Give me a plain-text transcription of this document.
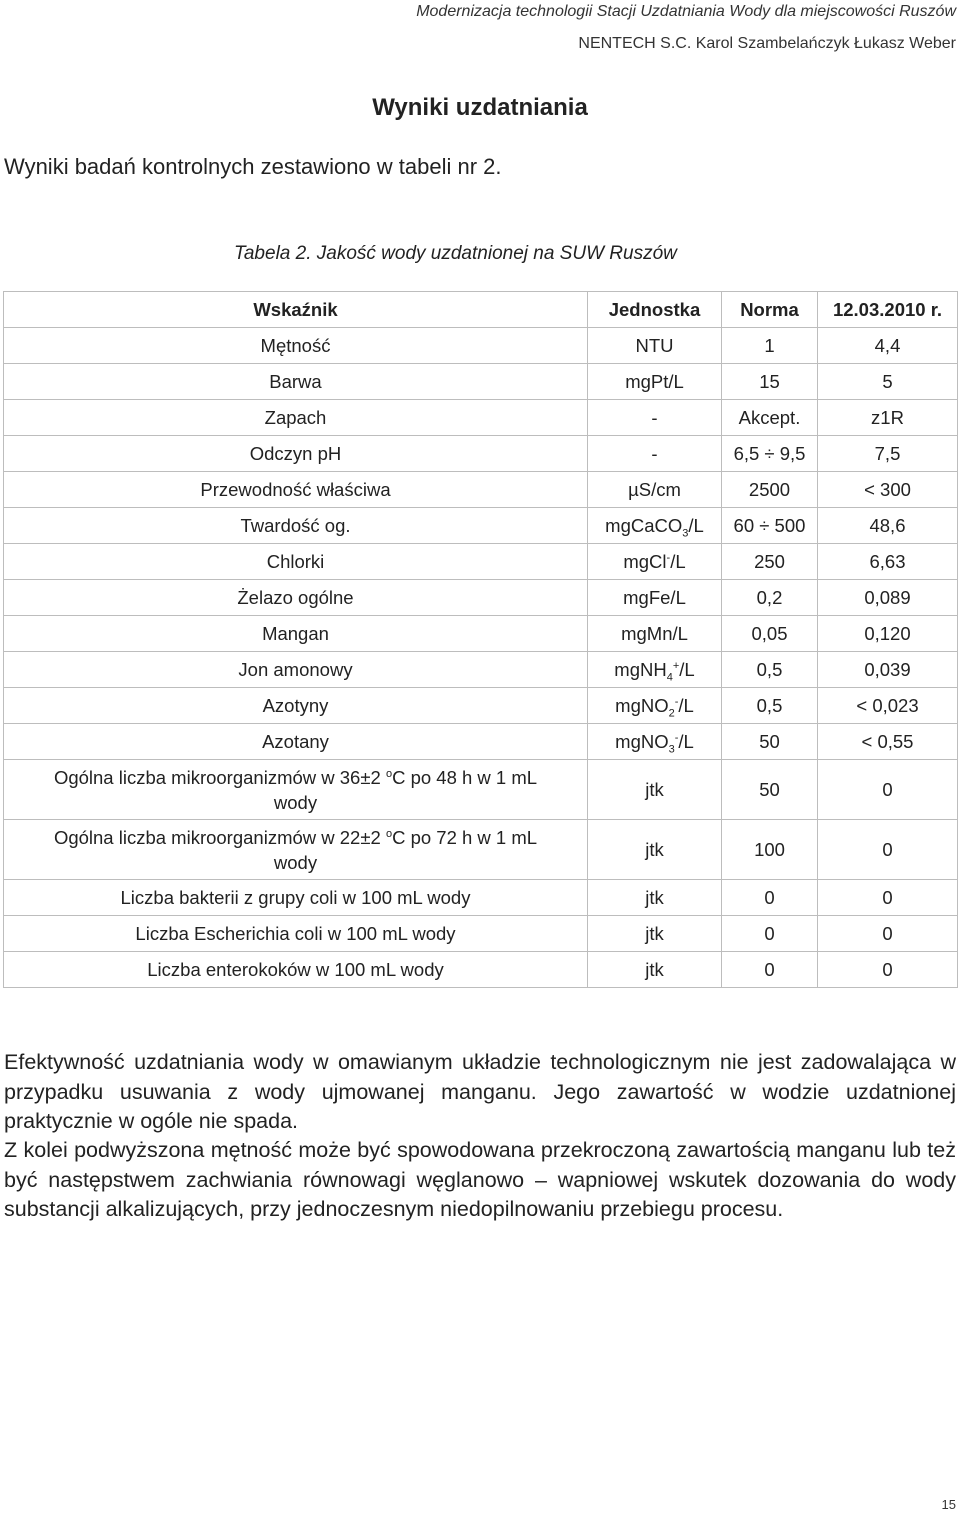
Modernizacja technologii Stacji Uzdatniania Wody dla miejscowości Ruszów
NENTECH S.C. Karol Szambelańczyk Łukasz Weber
Wyniki uzdatniania
Wyniki badań kontrolnych zestawiono w tabeli nr 2.
Tabela 2. Jakość wody uzdatnionej na SUW Ruszów
Wskaźnik	Jednostka	Norma	12.03.2010 r.
Mętność	NTU	1	4,4
Barwa	mgPt/L	15	5
Zapach	-	Akcept.	z1R
Odczyn pH	-	6,5 ÷ 9,5	7,5
Przewodność właściwa	µS/cm	2500	< 300
Twardość og.	mgCaCO$_3$/L	60 ÷ 500	48,6
Chlorki	mgCl-/L	250	6,63
Żelazo ogólne	mgFe/L	0,2	0,089
Mangan	mgMn/L	0,05	0,120
Jon amonowy	mgNH$_4$+/L	0,5	0,039
Azotyny	mgNO$_2$-/L	0,5	< 0,023
Azotany	mgNO$_3$-/L	50	< 0,55
Ogólna liczba mikroorganizmów w 36±2 $^o$C po 48 h w 1 mL
wody	jtk	50	0
Ogólna liczba mikroorganizmów w 22±2 $^o$C po 72 h w 1 mL
wody	jtk	100	0
Liczba bakterii z grupy coli w 100 mL wody	jtk	0	0
Liczba Escherichia coli w 100 mL wody	jtk	0	0
Liczba enterokoków w 100 mL wody	jtk	0	0
Efektywność uzdatniania wody w omawianym układzie technologicznym nie jest zadowalająca w przypadku usuwania z wody ujmowanej manganu. Jego zawartość w wodzie uzdatnionej praktycznie w ogóle nie spada.
Z kolei podwyższona mętność może być spowodowana przekroczoną zawartością manganu lub też być następstwem zachwiania równowagi węglanowo – wapniowej wskutek dozowania do wody substancji alkalizujących, przy jednoczesnym niedopilnowaniu przebiegu procesu.
15
